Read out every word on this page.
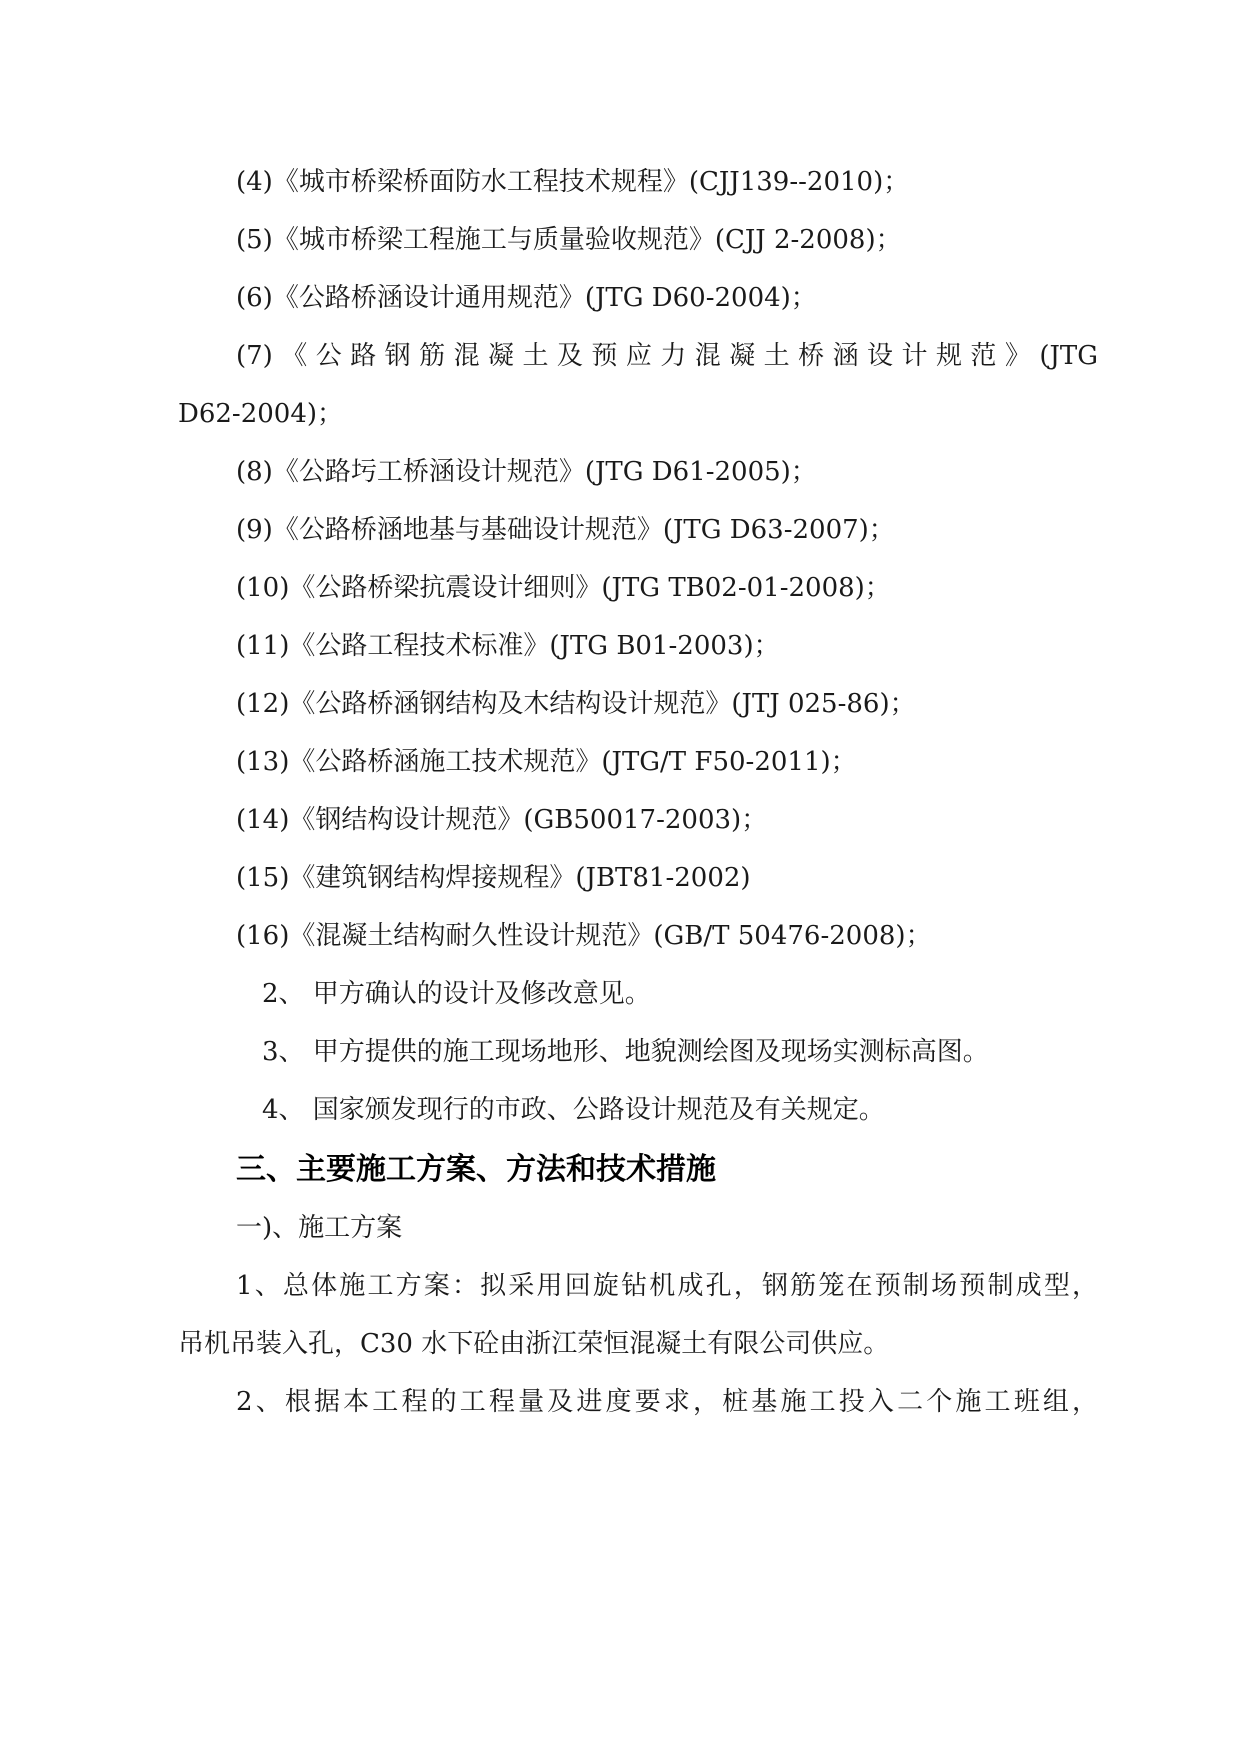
(4)《城市桥梁桥面防水工程技术规程》(CJJ139--2010)；
(5)《城市桥梁工程施工与质量验收规范》(CJJ 2-2008)；
(6)《公路桥涵设计通用规范》(JTG D60-2004)；
(7)《公路钢筋混凝土及预应力混凝土桥涵设计规范》(JTG
D62-2004)；
(8)《公路圬工桥涵设计规范》(JTG D61-2005)；
(9)《公路桥涵地基与基础设计规范》(JTG D63-2007)；
(10)《公路桥梁抗震设计细则》(JTG TB02-01-2008)；
(11)《公路工程技术标准》(JTG B01-2003)；
(12)《公路桥涵钢结构及木结构设计规范》(JTJ 025-86)；
(13)《公路桥涵施工技术规范》(JTG/T F50-2011)；
(14)《钢结构设计规范》(GB50017-2003)；
(15)《建筑钢结构焊接规程》(JBT81-2002)
(16)《混凝土结构耐久性设计规范》(GB/T 50476-2008)；
2、 甲方确认的设计及修改意见。
3、 甲方提供的施工现场地形、地貌测绘图及现场实测标高图。
4、 国家颁发现行的市政、公路设计规范及有关规定。
三、主要施工方案、方法和技术措施
一)、施工方案
1、总体施工方案：拟采用回旋钻机成孔，钢筋笼在预制场预制成型，
吊机吊装入孔，C30 水下砼由浙江荣恒混凝土有限公司供应。
2、根据本工程的工程量及进度要求，桩基施工投入二个施工班组，
